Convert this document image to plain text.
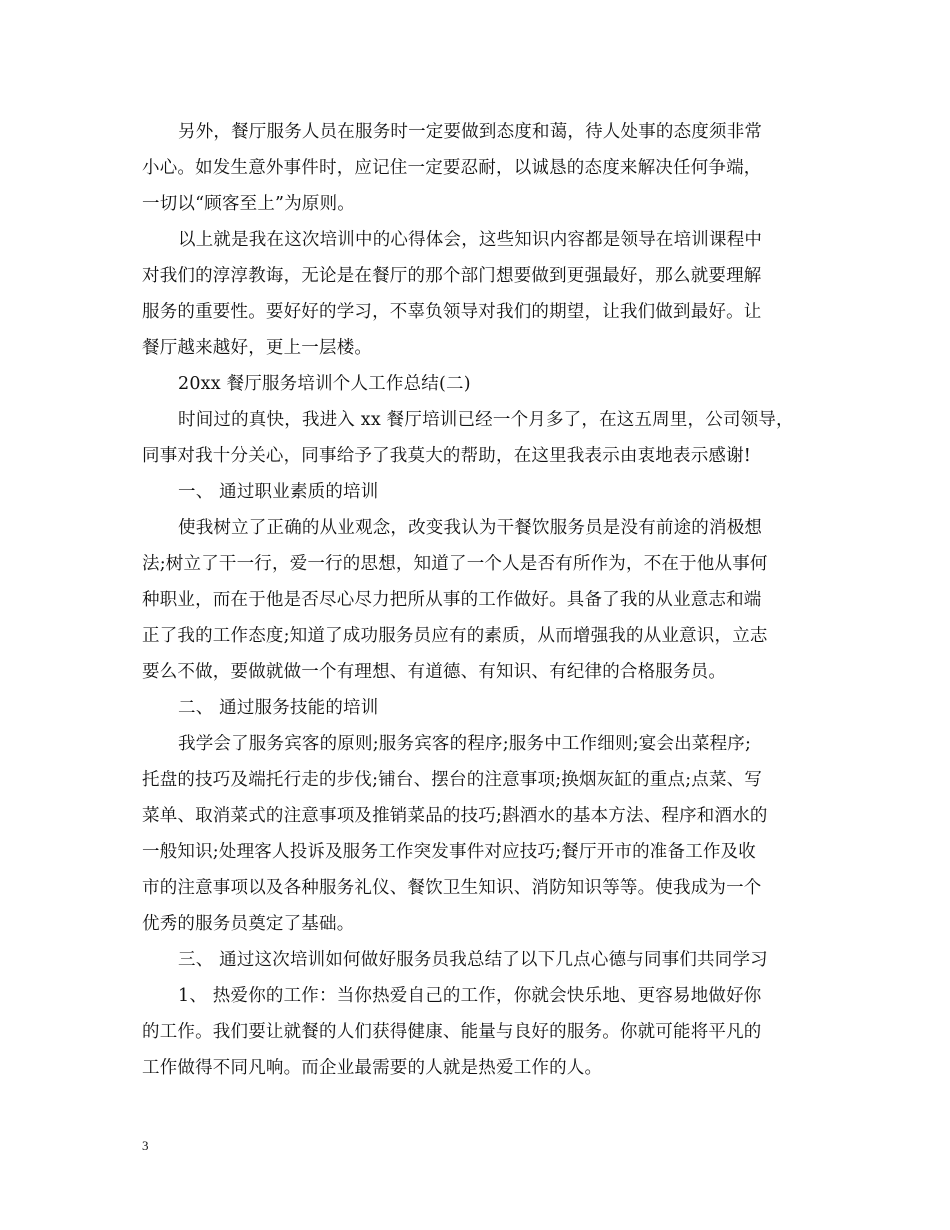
另外，餐厅服务人员在服务时一定要做到态度和蔼，待人处事的态度须非常
小心。如发生意外事件时，应记住一定要忍耐，以诚恳的态度来解决任何争端，
一切以“顾客至上”为原则。
以上就是我在这次培训中的心得体会，这些知识内容都是领导在培训课程中
对我们的淳淳教诲，无论是在餐厅的那个部门想要做到更强最好，那么就要理解
服务的重要性。要好好的学习，不辜负领导对我们的期望，让我们做到最好。让
餐厅越来越好，更上一层楼。
20xx 餐厅服务培训个人工作总结(二)
时间过的真快，我进入 xx 餐厅培训已经一个月多了，在这五周里，公司领导，
同事对我十分关心，同事给予了我莫大的帮助，在这里我表示由衷地表示感谢!
一、 通过职业素质的培训
使我树立了正确的从业观念，改变我认为干餐饮服务员是没有前途的消极想
法;树立了干一行，爱一行的思想，知道了一个人是否有所作为，不在于他从事何
种职业，而在于他是否尽心尽力把所从事的工作做好。具备了我的从业意志和端
正了我的工作态度;知道了成功服务员应有的素质，从而增强我的从业意识，立志
要么不做，要做就做一个有理想、有道德、有知识、有纪律的合格服务员。
二、 通过服务技能的培训
我学会了服务宾客的原则;服务宾客的程序;服务中工作细则;宴会出菜程序;
托盘的技巧及端托行走的步伐;铺台、摆台的注意事项;换烟灰缸的重点;点菜、写
菜单、取消菜式的注意事项及推销菜品的技巧;斟酒水的基本方法、程序和酒水的
一般知识;处理客人投诉及服务工作突发事件对应技巧;餐厅开市的准备工作及收
市的注意事项以及各种服务礼仪、餐饮卫生知识、消防知识等等。使我成为一个
优秀的服务员奠定了基础。
三、 通过这次培训如何做好服务员我总结了以下几点心德与同事们共同学习
1、 热爱你的工作：当你热爱自己的工作，你就会快乐地、更容易地做好你
的工作。我们要让就餐的人们获得健康、能量与良好的服务。你就可能将平凡的
工作做得不同凡响。而企业最需要的人就是热爱工作的人。
3
